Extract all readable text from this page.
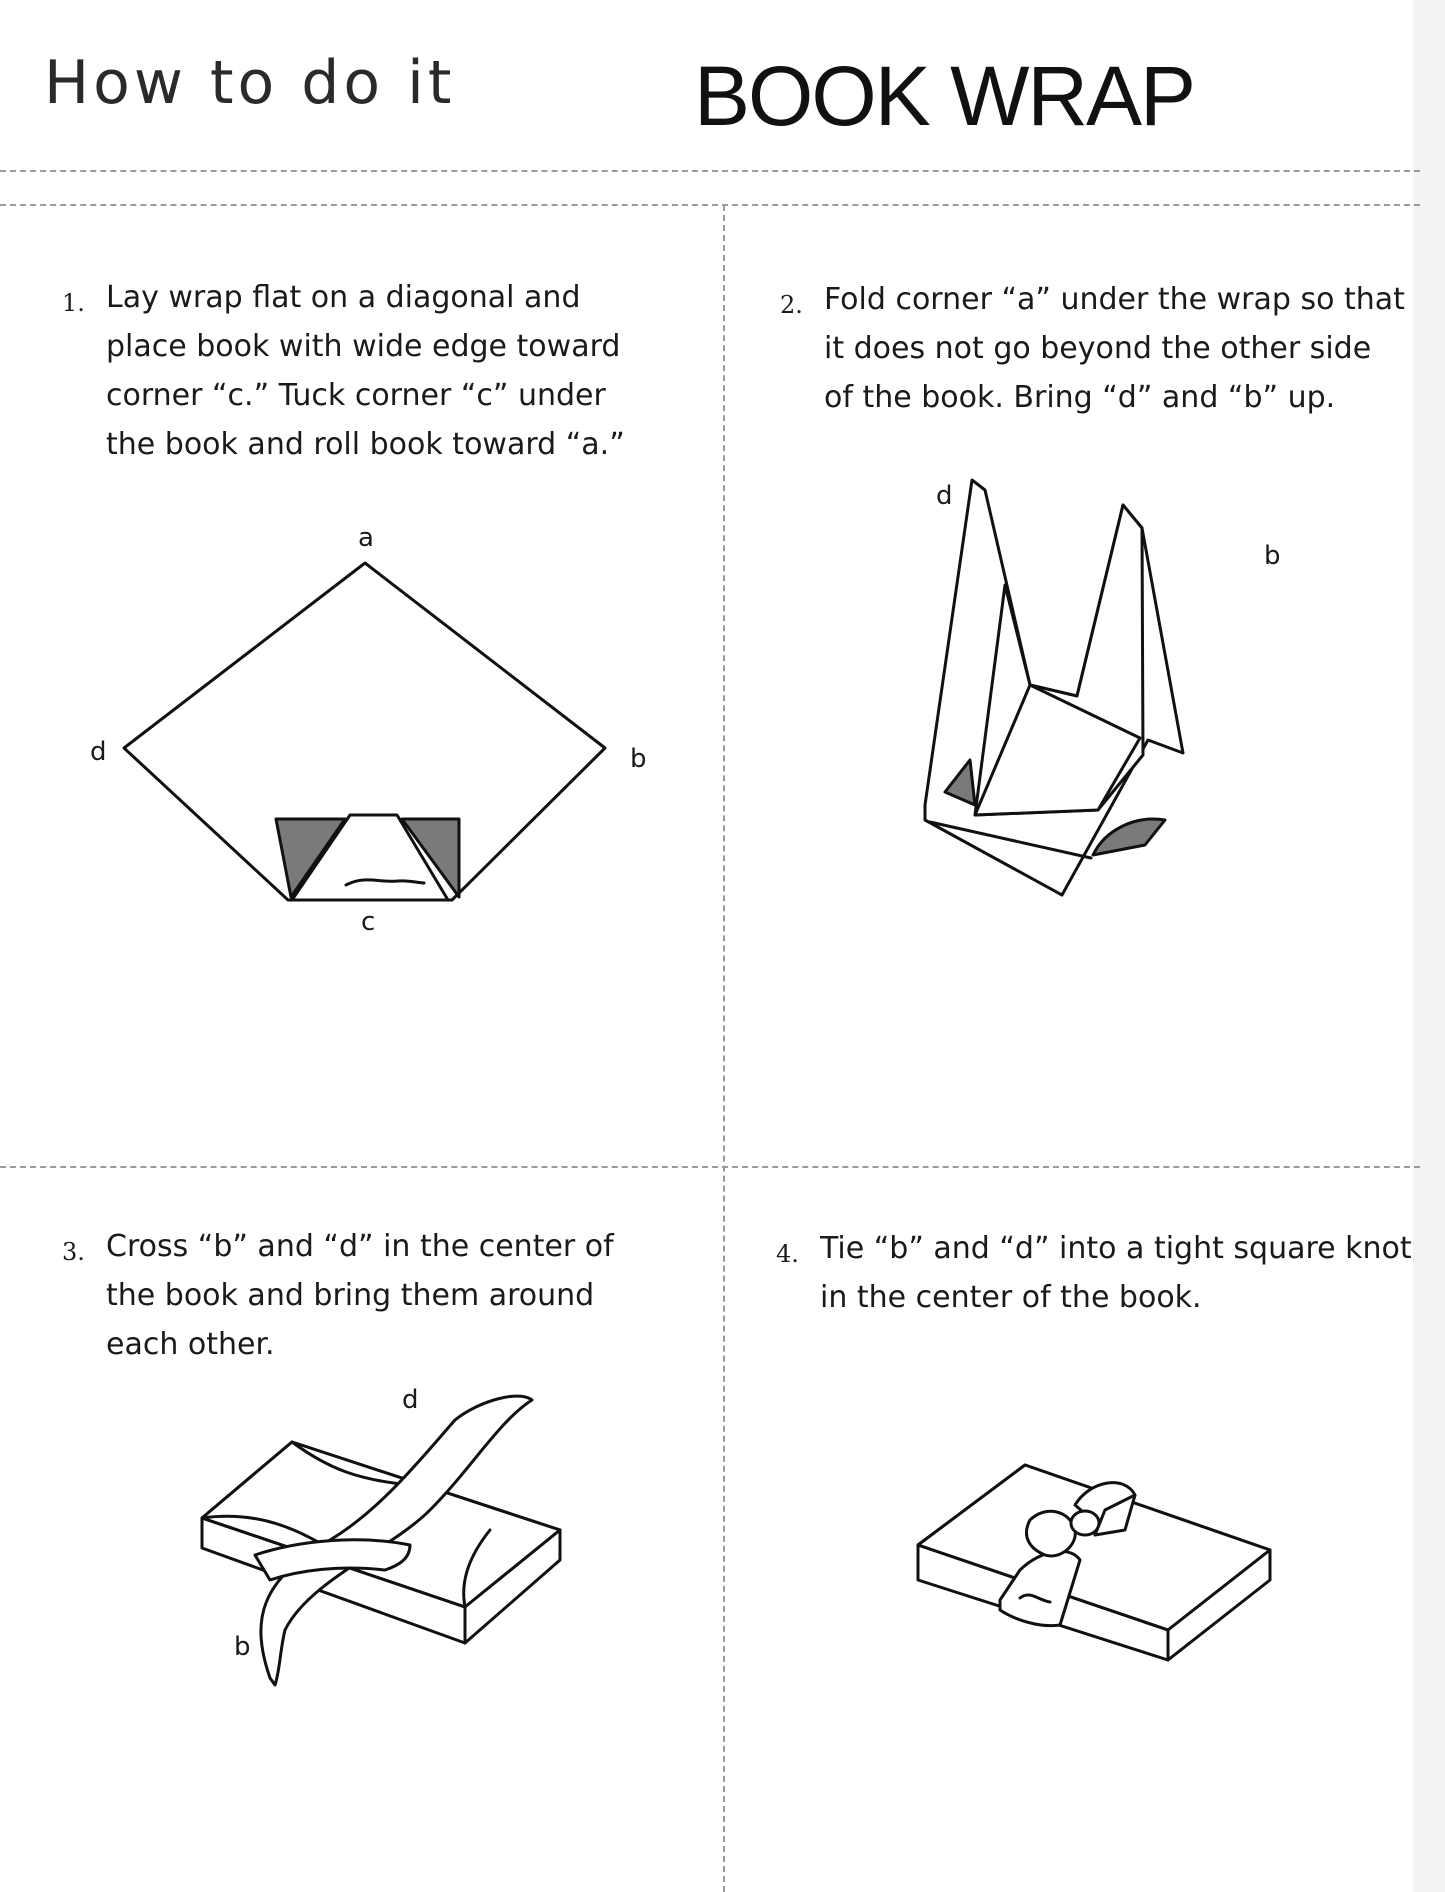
How to do it	BOOK WRAP
1. Lay wrap flat on a diagonal and
place book with wide edge toward
corner “c.” Tuck corner “c” under
the book and roll book toward “a.”
a
d	b
c
2. Fold corner “a” under the wrap so that
it does not go beyond the other side
of the book. Bring “d” and “b” up.
d
b
3. Cross “b” and “d” in the center of
the book and bring them around
each other.
d
b
4. Tie “b” and “d” into a tight square knot
in the center of the book.
